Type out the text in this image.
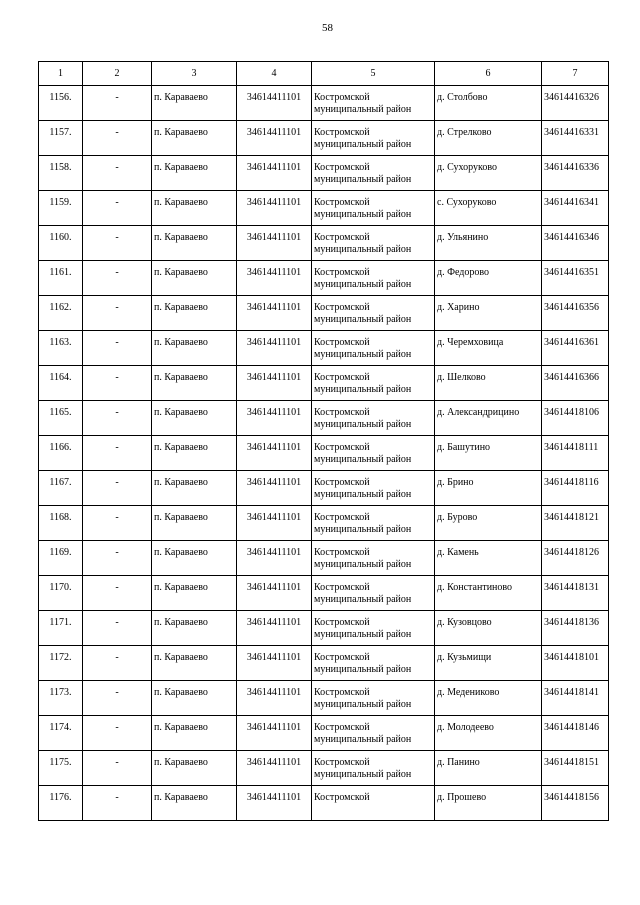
58
1	2	3	4	5	6	7
1156.	-	п. Караваево	34614411101	Костромской муниципальный район	д. Столбово	34614416326
1157.	-	п. Караваево	34614411101	Костромской муниципальный район	д. Стрелково	34614416331
1158.	-	п. Караваево	34614411101	Костромской муниципальный район	д. Сухоруково	34614416336
1159.	-	п. Караваево	34614411101	Костромской муниципальный район	с. Сухоруково	34614416341
1160.	-	п. Караваево	34614411101	Костромской муниципальный район	д. Ульянино	34614416346
1161.	-	п. Караваево	34614411101	Костромской муниципальный район	д. Федорово	34614416351
1162.	-	п. Караваево	34614411101	Костромской муниципальный район	д. Харино	34614416356
1163.	-	п. Караваево	34614411101	Костромской муниципальный район	д. Черемховица	34614416361
1164.	-	п. Караваево	34614411101	Костромской муниципальный район	д. Шелково	34614416366
1165.	-	п. Караваево	34614411101	Костромской муниципальный район	д. Александрицино	34614418106
1166.	-	п. Караваево	34614411101	Костромской муниципальный район	д. Башутино	34614418111
1167.	-	п. Караваево	34614411101	Костромской муниципальный район	д. Брино	34614418116
1168.	-	п. Караваево	34614411101	Костромской муниципальный район	д. Бурово	34614418121
1169.	-	п. Караваево	34614411101	Костромской муниципальный район	д. Камень	34614418126
1170.	-	п. Караваево	34614411101	Костромской муниципальный район	д. Константиново	34614418131
1171.	-	п. Караваево	34614411101	Костромской муниципальный район	д. Кузовцово	34614418136
1172.	-	п. Караваево	34614411101	Костромской муниципальный район	д. Кузьмищи	34614418101
1173.	-	п. Караваево	34614411101	Костромской муниципальный район	д. Медениково	34614418141
1174.	-	п. Караваево	34614411101	Костромской муниципальный район	д. Молодеево	34614418146
1175.	-	п. Караваево	34614411101	Костромской муниципальный район	д. Панино	34614418151
1176.	-	п. Караваево	34614411101	Костромской	д. Прошево	34614418156
